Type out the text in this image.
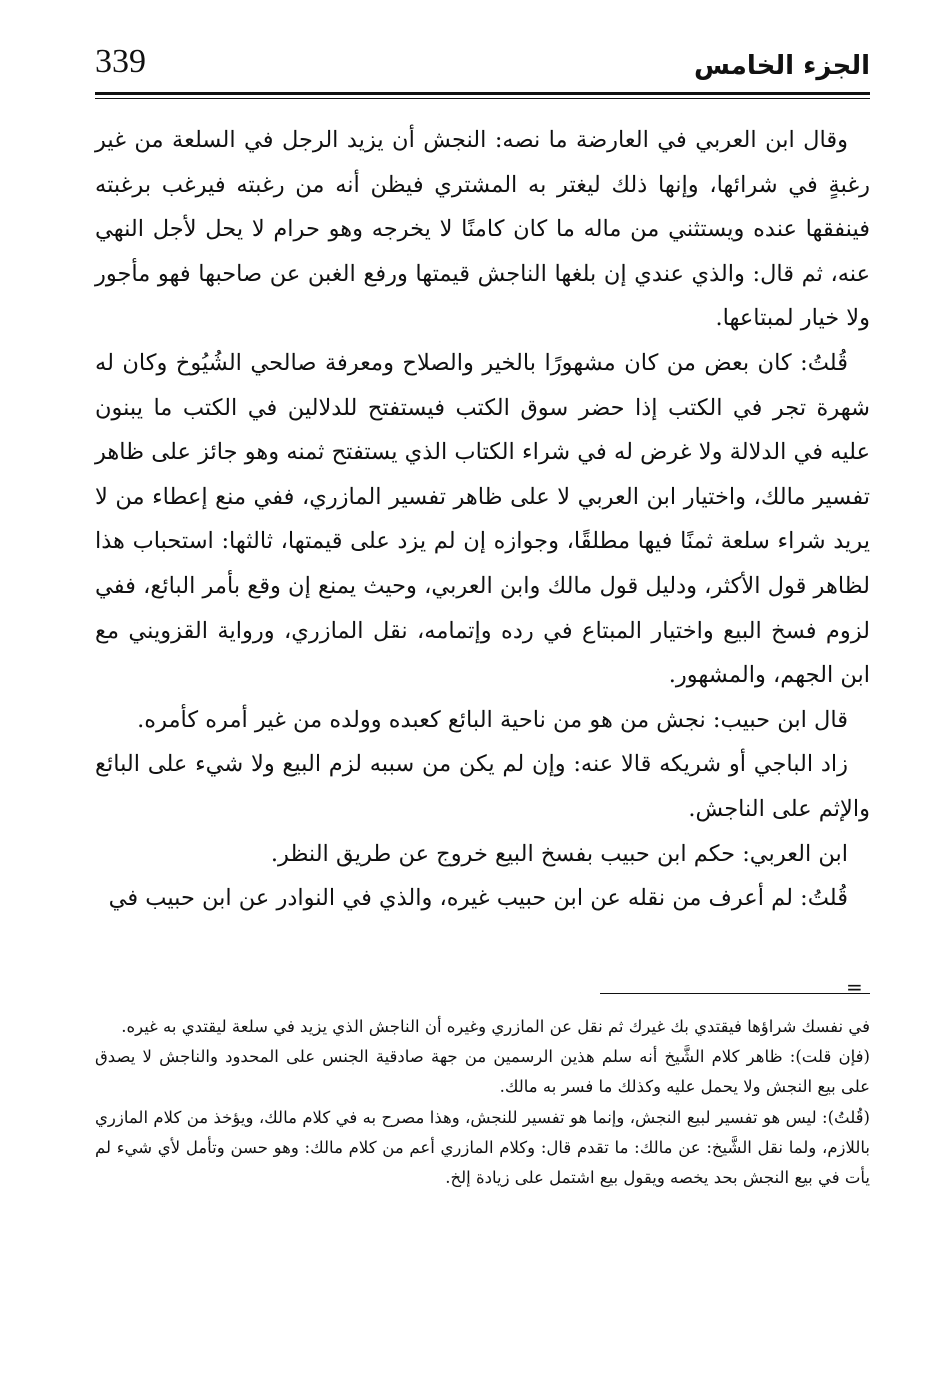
339	الجزء الخامس

وقال ابن العربي في العارضة ما نصه: النجش أن يزيد الرجل في السلعة من غير رغبةٍ في شرائها، وإنها ذلك ليغتر به المشتري فيظن أنه من رغبته فيرغب برغبته فينفقها عنده ويستثني من ماله ما كان كامنًا لا يخرجه وهو حرام لا يحل لأجل النهي عنه، ثم قال: والذي عندي إن بلغها الناجش قيمتها ورفع الغبن عن صاحبها فهو مأجور ولا خيار لمبتاعها.

قُلتُ: كان بعض من كان مشهورًا بالخير والصلاح ومعرفة صالحي الشُيُوخ وكان له شهرة تجر في الكتب إذا حضر سوق الكتب فيستفتح للدلالين في الكتب ما يبنون عليه في الدلالة ولا غرض له في شراء الكتاب الذي يستفتح ثمنه وهو جائز على ظاهر تفسير مالك، واختيار ابن العربي لا على ظاهر تفسير المازري، ففي منع إعطاء من لا يريد شراء سلعة ثمنًا فيها مطلقًا، وجوازه إن لم يزد على قيمتها، ثالثها: استحباب هذا لظاهر قول الأكثر، ودليل قول مالك وابن العربي، وحيث يمنع إن وقع بأمر البائع، ففي لزوم فسخ البيع واختيار المبتاع في رده وإتمامه، نقل المازري، ورواية القزويني مع ابن الجهم، والمشهور.

قال ابن حبيب: نجش من هو من ناحية البائع كعبده وولده من غير أمره كأمره.

زاد الباجي أو شريكه قالا عنه: وإن لم يكن من سببه لزم البيع ولا شيء على البائع والإثم على الناجش.

ابن العربي: حكم ابن حبيب بفسخ البيع خروج عن طريق النظر.

قُلتُ: لم أعرف من نقله عن ابن حبيب غيره، والذي في النوادر عن ابن حبيب في

=

في نفسك شراؤها فيقتدي بك غيرك ثم نقل عن المازري وغيره أن الناجش الذي يزيد في سلعة ليقتدي به غيره.

(فإن قلت): ظاهر كلام الشَّيخ أنه سلم هذين الرسمين من جهة صادقية الجنس على المحدود والناجش لا يصدق على بيع النجش ولا يحمل عليه وكذلك ما فسر به مالك.

(قُلتُ): ليس هو تفسير لبيع النجش، وإنما هو تفسير للنجش، وهذا مصرح به في كلام مالك، ويؤخذ من كلام المازري باللازم، ولما نقل الشَّيخ: عن مالك: ما تقدم قال: وكلام المازري أعم من كلام مالك: وهو حسن وتأمل لأي شيء لم يأت في بيع النجش بحد يخصه ويقول بيع اشتمل على زيادة إلخ.
